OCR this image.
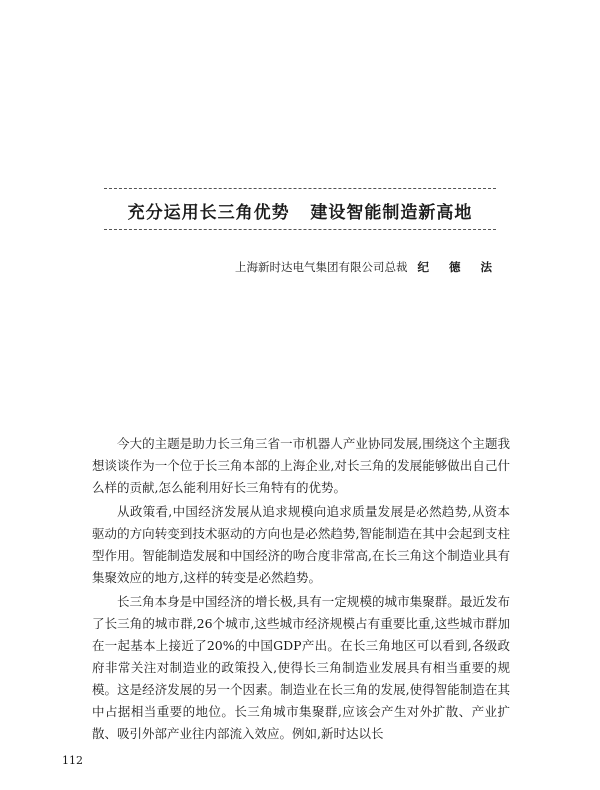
充分运用长三角优势   建设智能制造新高地

上海新时达电气集团有限公司总裁 纪 德 法

今大的主题是助力长三角三省一市机器人产业协同发展,围绕这个主题我想谈谈作为一个位于长三角本部的上海企业,对长三角的发展能够做出自己什么样的贡献,怎么能利用好长三角特有的优势。

从政策看,中国经济发展从追求规模向追求质量发展是必然趋势,从资本驱动的方向转变到技术驱动的方向也是必然趋势,智能制造在其中会起到支柱型作用。智能制造发展和中国经济的吻合度非常高,在长三角这个制造业具有集聚效应的地方,这样的转变是必然趋势。

长三角本身是中国经济的增长极,具有一定规模的城市集聚群。最近发布了长三角的城市群,26个城市,这些城市经济规模占有重要比重,这些城市群加在一起基本上接近了20%的中国GDP产出。在长三角地区可以看到,各级政府非常关注对制造业的政策投入,使得长三角制造业发展具有相当重要的规模。这是经济发展的另一个因素。制造业在长三角的发展,使得智能制造在其中占据相当重要的地位。长三角城市集聚群,应该会产生对外扩散、产业扩散、吸引外部产业往内部流入效应。例如,新时达以长

112
